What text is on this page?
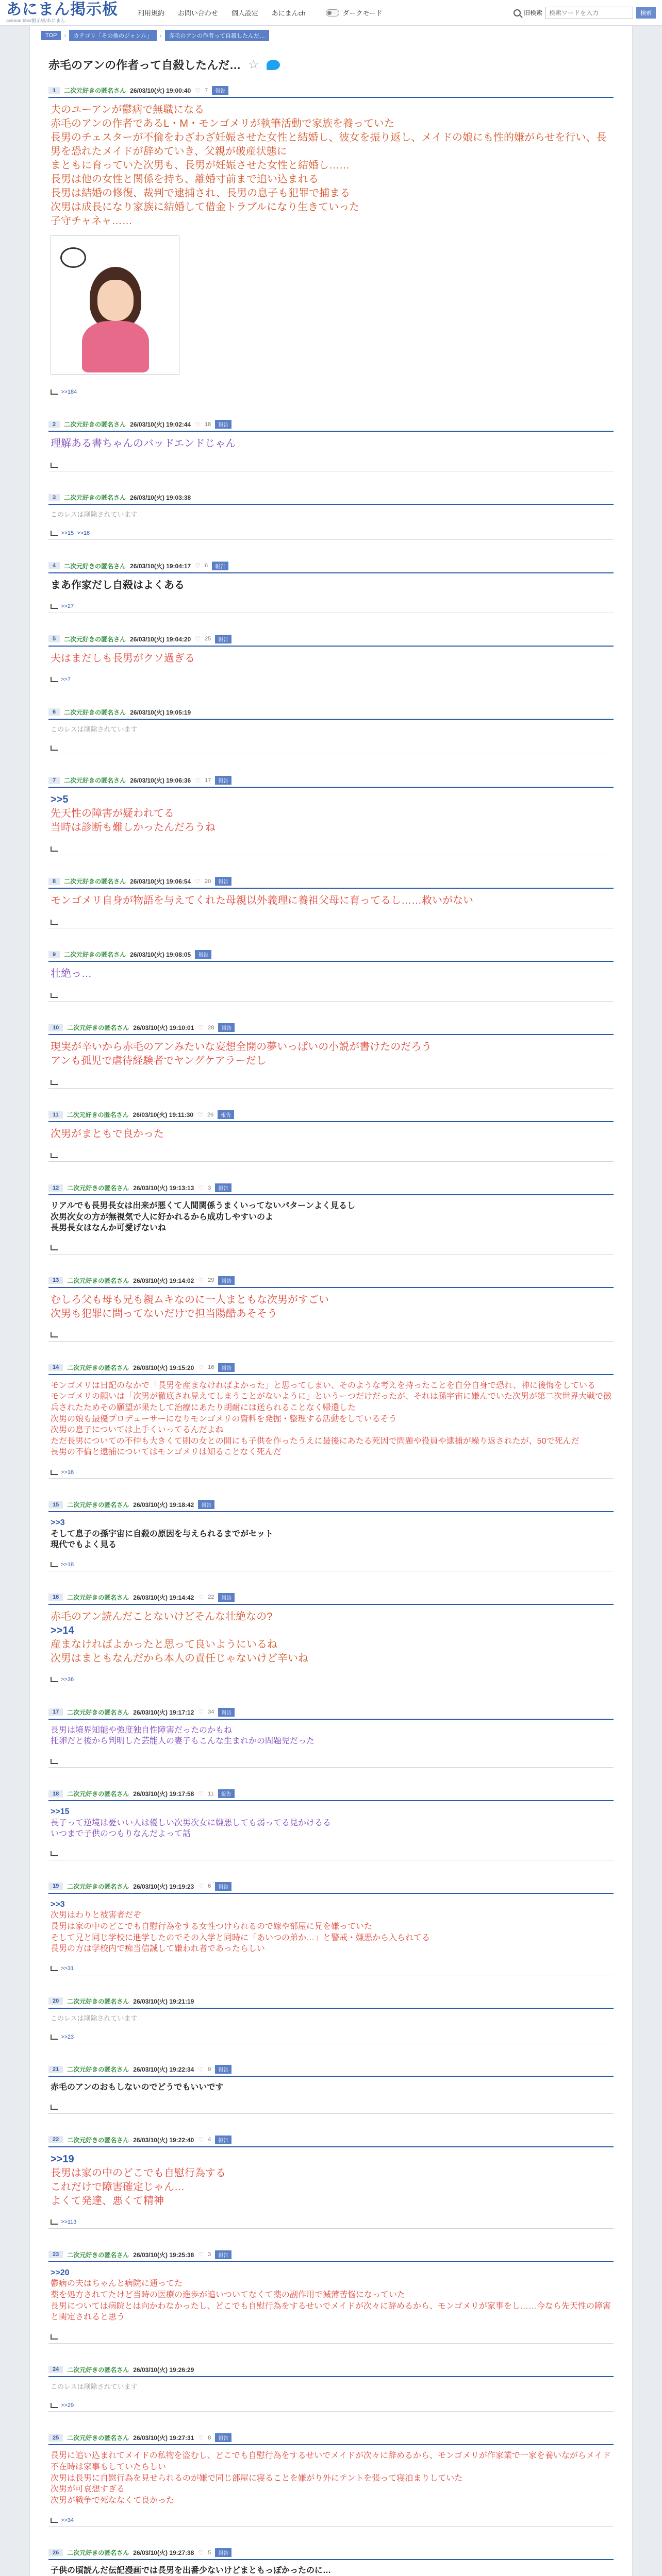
あにまん掲示板
animan.bbs/掲示板/あにまん
利用規約 お問い合わせ 個人設定 あにまんch	ダークモード	旧検索
検索ワードを入力	検索
TOP	›	カテゴリ「その他のジャンル」	›	赤毛のアンの作者って自殺したんだ…
赤毛のアンの作者って自殺したんだ… ☆
1	二次元好きの匿名さん 26/03/10(火) 19:00:40 ♡ 7	報告
夫のユーアンが鬱病で無職になる
赤毛のアンの作者であるL・M・モンゴメリが執筆活動で家族を養っていた
長男のチェスターが不倫をわざわざ妊娠させた女性と結婚し、彼女を振り返し、メイドの娘にも性的嫌がらせを行い、長男を恐れたメイドが辞めていき、父親が破産状態に
まともに育っていた次男も、長男が妊娠させた女性と結婚し……
長男は他の女性と関係を持ち、離婚寸前まで追い込まれる
長男は結婚の修復、裁判で逮捕され、長男の息子も犯罪で捕まる
次男は成長になり家族に結婚して借金トラブルになり生きていった
子守チャネャ……
>>184
2	二次元好きの匿名さん 26/03/10(火) 19:02:44 ♡ 18	報告
理解ある書ちゃんのバッドエンドじゃん
3	二次元好きの匿名さん 26/03/10(火) 19:03:38
このレスは削除されています
>>15 >>16
4	二次元好きの匿名さん 26/03/10(火) 19:04:17 ♡ 6	報告
まあ作家だし自殺はよくある
>>27
5	二次元好きの匿名さん 26/03/10(火) 19:04:20 ♡ 25	報告
夫はまだしも長男がクソ過ぎる
>>7
6	二次元好きの匿名さん 26/03/10(火) 19:05:19
このレスは削除されています
7	二次元好きの匿名さん 26/03/10(火) 19:06:36 ♡ 17	報告
>>5
先天性の障害が疑われてる
当時は診断も難しかったんだろうね
8	二次元好きの匿名さん 26/03/10(火) 19:06:54 ♡ 20	報告
モンゴメリ自身が物語を与えてくれた母親以外義理に養祖父母に育ってるし……救いがない
9	二次元好きの匿名さん 26/03/10(火) 19:08:05	報告
壮絶っ…
10	二次元好きの匿名さん 26/03/10(火) 19:10:01 ♡ 28	報告
現実が辛いから赤毛のアンみたいな妄想全開の夢いっぱいの小説が書けたのだろう
アンも孤児で虐待経験者でヤングケアラーだし
11	二次元好きの匿名さん 26/03/10(火) 19:11:30 ♡ 26	報告
次男がまともで良かった
12	二次元好きの匿名さん 26/03/10(火) 19:13:13 ♡ 3	報告
リアルでも長男長女は出来が悪くて人間関係うまくいってないパターンよく見るし
次男次女の方が無視気で人に好かれるから成功しやすいのよ
長男長女はなんか可愛げないね
13	二次元好きの匿名さん 26/03/10(火) 19:14:02 ♡ 29	報告
むしろ父も母も兄も親ムキなのに一人まともな次男がすごい
次男も犯罪に問ってないだけで担当陽酷あそそう
14	二次元好きの匿名さん 26/03/10(火) 19:15:20 ♡ 16	報告
モンゴメリは日記のなかで「長男を産まなければよかった」と思ってしまい、そのような考えを持ったことを自分自身で恐れ、神に後悔をしている
モンゴメリの願いは「次男が徹底され見えてしまうことがないように」というーつだけだったが、それは孫宇宙に嫌んでいた次男が第二次世界大戦で徴兵されたためその願望が果たして治療にあたり胡耐には送られることなく帰還した
次男の娘も最優プロデューサーになりモンゴメリの資料を発掘・整理する活動をしているそう
次男の息子については上手くいってるんだよね
ただ長男についての不仲も大きくて則の女との間にも子供を作ったうえに最後にあたる死因で問題や役員や逮捕が繰り返されたが、50で死んだ
長男の不倫と逮捕についてはモンゴメリは知ることなく死んだ
>>16
15	二次元好きの匿名さん 26/03/10(火) 19:18:42	報告
>>3
そして息子の孫宇宙に自殺の原因を与えられるまでがセット
現代でもよく見る
>>18
16	二次元好きの匿名さん 26/03/10(火) 19:14:42 ♡ 22	報告
赤毛のアン読んだことないけどそんな壮絶なの?
>>14
産まなければよかったと思って良いようにいるね
次男はまともなんだから本人の責任じゃないけど辛いね
>>36
17	二次元好きの匿名さん 26/03/10(火) 19:17:12 ♡ 34	報告
長男は境界知能や強度独自性障害だったのかもね
托卵だと後から判明した芸能人の妻子もこんな生まれかの問題児だった
18	二次元好きの匿名さん 26/03/10(火) 19:17:58 ♡ 11	報告
>>15
長子って逆境は憂いい人は優しい次男次女に嫌悪しても弱ってる見かけるる
いつまで子供のつもりなんだよって話
19	二次元好きの匿名さん 26/03/10(火) 19:19:23 ♡ 6	報告
>>3
次男はわりと被害者だぞ
長男は家の中のどこでも自慰行為をする女性つけられるので嫁や部屋に兄を嫌っていた
そして兄と同じ学校に進学したのでその入学と同時に「あいつの弟か…」と警戒・嫌悪から入られてる
長男の方は学校内で痴当信誠して嫌われ者であったらしい
>>31
20	二次元好きの匿名さん 26/03/10(火) 19:21:19
このレスは削除されています
>>23
21	二次元好きの匿名さん 26/03/10(火) 19:22:34 ♡ 9	報告
赤毛のアンのおもしないのでどうでもいいです
22	二次元好きの匿名さん 26/03/10(火) 19:22:40 ♡ 4	報告
>>19
長男は家の中のどこでも自慰行為する
これだけで障害確定じゃん…
よくて発達、悪くて精神
>>113
23	二次元好きの匿名さん 26/03/10(火) 19:25:38 ♡ 3	報告
>>20
鬱病の夫はちゃんと病院に通ってた
薬を処方されてたけど当時の医療の進歩が追いついてなくて薬の副作用で減薄苦悩になっていた
長男については病院とは向かわなかったし、どこでも自慰行為をするせいでメイドが次々に辞めるから、モンゴメリが家事をし……今なら先天性の障害と関定されると思う
24	二次元好きの匿名さん 26/03/10(火) 19:26:29
このレスは削除されています
>>29
25	二次元好きの匿名さん 26/03/10(火) 19:27:31 ♡ 8	報告
長男に追い込まれてメイドの私物を盗むし、どこでも自慰行為をするせいでメイドが次々に辞めるから、モンゴメリが作家業で一家を養いながらメイド不在時は家事もしていたらしい
次男は長男に自慰行為を見せられるのが嫌で同じ部屋に寝ることを嫌がり外にテントを張って寝泊まりしていた
次男が可哀想すぎる
次男が戦争で死ななくて良かった
>>34
26	二次元好きの匿名さん 26/03/10(火) 19:27:38 ♡ 5	報告
子供の頃読んだ伝記漫画では長男を出番少ないけどまともっぽかったのに…
